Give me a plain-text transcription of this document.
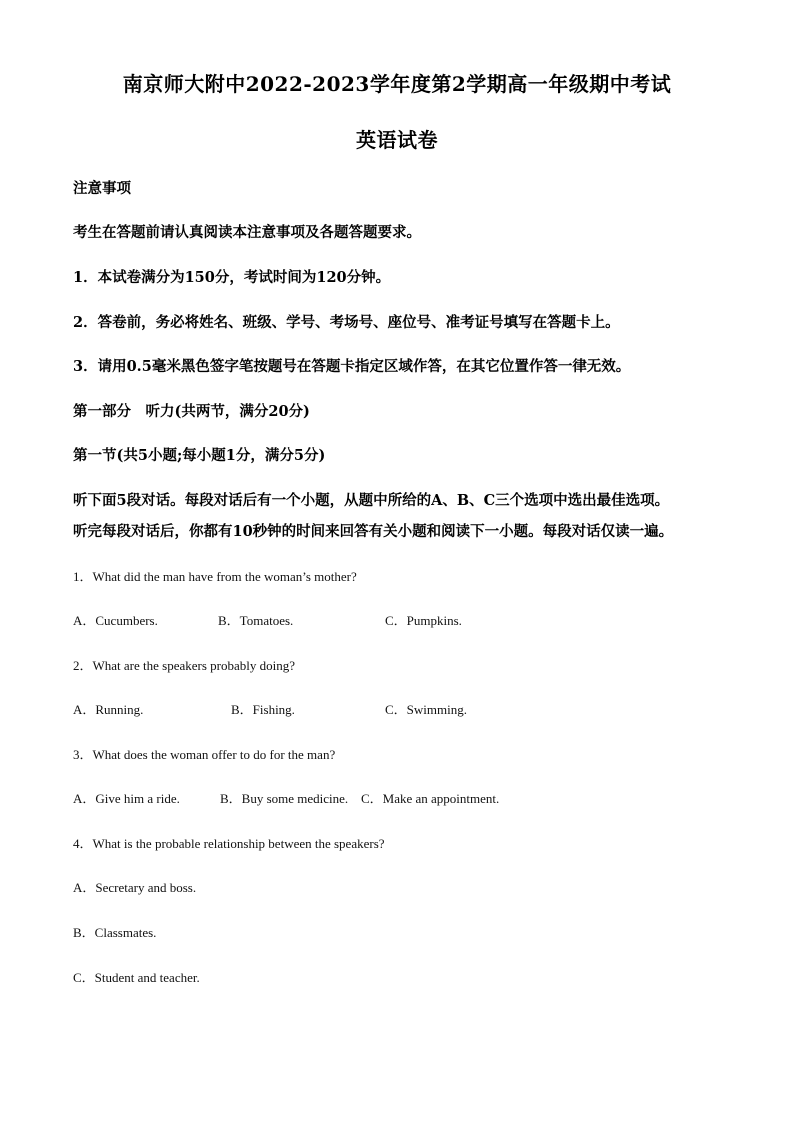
南京师大附中2022-2023学年度第2学期高一年级期中考试
英语试卷
注意事项
考生在答题前请认真阅读本注意事项及各题答题要求。
1．本试卷满分为150分，考试时间为120分钟。
2．答卷前，务必将姓名、班级、学号、考场号、座位号、准考证号填写在答题卡上。
3．请用0.5毫米黑色签字笔按题号在答题卡指定区域作答，在其它位置作答一律无效。
第一部分　听力(共两节，满分20分)
第一节(共5小题;每小题1分，满分5分)
听下面5段对话。每段对话后有一个小题，从题中所给的A、B、C三个选项中选出最佳选项。
听完每段对话后，你都有10秒钟的时间来回答有关小题和阅读下一小题。每段对话仅读一遍。
1．What did the man have from the woman’s mother?
A．Cucumbers.	B．Tomatoes.	C．Pumpkins.
2．What are the speakers probably doing?
A．Running.	B．Fishing.	C．Swimming.
3．What does the woman offer to do for the man?
A．Give him a ride.	B．Buy some medicine. C．Make an appointment.
4．What is the probable relationship between the speakers?
A．Secretary and boss.
B．Classmates.
C．Student and teacher.
